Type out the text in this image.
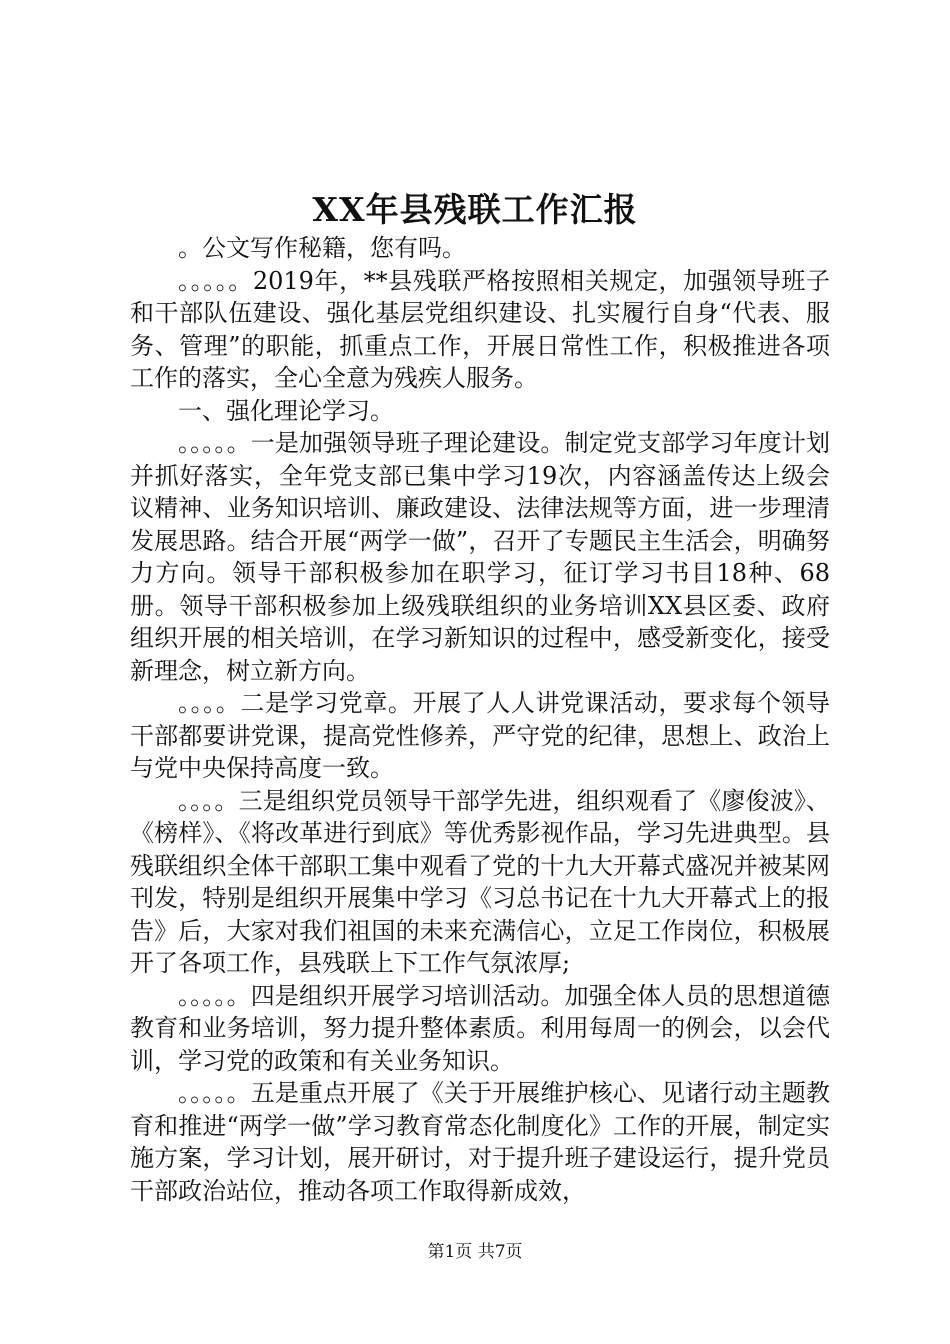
XX年县残联工作汇报

。公文写作秘籍，您有吗。

。。。。。2019年，**县残联严格按照相关规定，加强领导班子和干部队伍建设、强化基层党组织建设、扎实履行自身“代表、服务、管理”的职能，抓重点工作，开展日常性工作，积极推进各项工作的落实，全心全意为残疾人服务。

一、强化理论学习。

。。。。。一是加强领导班子理论建设。制定党支部学习年度计划并抓好落实，全年党支部已集中学习19次，内容涵盖传达上级会议精神、业务知识培训、廉政建设、法律法规等方面，进一步理清发展思路。结合开展“两学一做”，召开了专题民主生活会，明确努力方向。领导干部积极参加在职学习，征订学习书目18种、68册。领导干部积极参加上级残联组织的业务培训XX县区委、政府组织开展的相关培训，在学习新知识的过程中，感受新变化，接受新理念，树立新方向。

。。。。二是学习党章。开展了人人讲党课活动，要求每个领导干部都要讲党课，提高党性修养，严守党的纪律，思想上、政治上与党中央保持高度一致。

。。。。三是组织党员领导干部学先进，组织观看了《廖俊波》、《榜样》、《将改革进行到底》等优秀影视作品，学习先进典型。县残联组织全体干部职工集中观看了党的十九大开幕式盛况并被某网刊发，特别是组织开展集中学习《习总书记在十九大开幕式上的报告》后，大家对我们祖国的未来充满信心，立足工作岗位，积极展开了各项工作，县残联上下工作气氛浓厚;

。。。。。四是组织开展学习培训活动。加强全体人员的思想道德教育和业务培训，努力提升整体素质。利用每周一的例会，以会代训，学习党的政策和有关业务知识。

。。。。。五是重点开展了《关于开展维护核心、见诸行动主题教育和推进“两学一做”学习教育常态化制度化》工作的开展，制定实施方案，学习计划，展开研讨，对于提升班子建设运行，提升党员干部政治站位，推动各项工作取得新成效，

第1页 共7页
